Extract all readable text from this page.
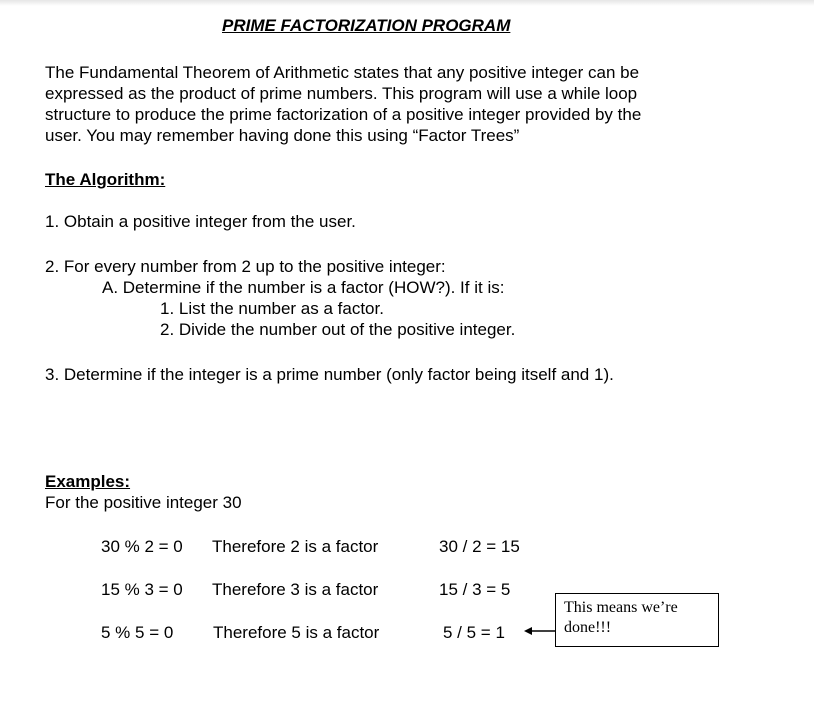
PRIME FACTORIZATION PROGRAM
The Fundamental Theorem of Arithmetic states that any positive integer can be
expressed as the product of prime numbers. This program will use a while loop
structure to produce the prime factorization of a positive integer provided by the
user. You may remember having done this using “Factor Trees”
The Algorithm:
1. Obtain a positive integer from the user.
2. For every number from 2 up to the positive integer:
A. Determine if the number is a factor (HOW?). If it is:
1. List the number as a factor.
2. Divide the number out of the positive integer.
3. Determine if the integer is a prime number (only factor being itself and 1).
Examples:
For the positive integer 30
30 % 2 = 0 Therefore 2 is a factor	30 / 2 = 15
15 % 3 = 0 Therefore 3 is a factor	15 / 3 = 5
5 % 5 = 0 Therefore 5 is a factor	5 / 5 = 1
This means we’re
done!!!
